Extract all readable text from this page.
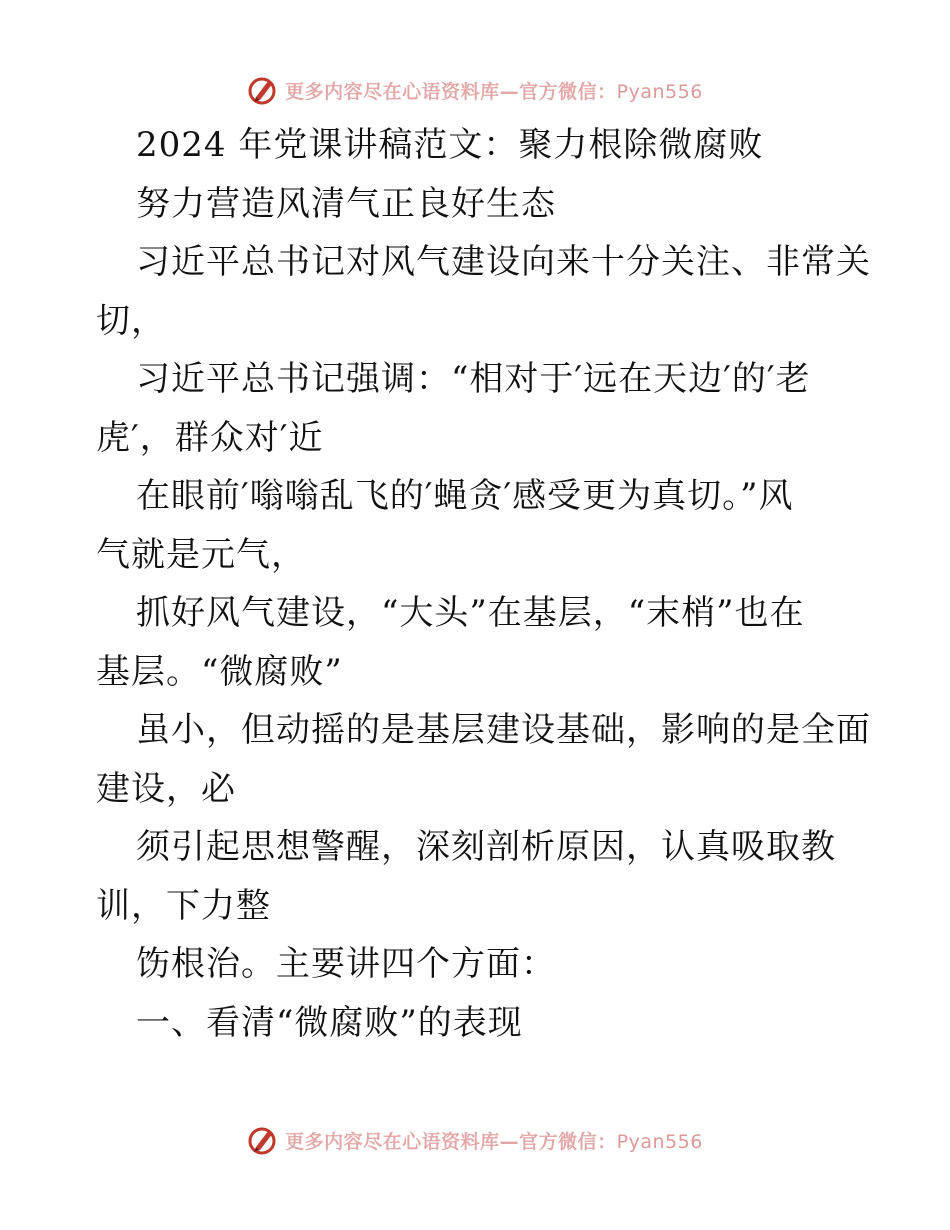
更多内容尽在心语资料库—官方微信：Pyan556
2024 年党课讲稿范文：聚力根除微腐败
努力营造风清气正良好生态
习近平总书记对风气建设向来十分关注、非常关
切，
习近平总书记强调：“相对于′远在天边′的′老
虎′，群众对′近
在眼前′嗡嗡乱飞的′蝇贪′感受更为真切。”风
气就是元气，
抓好风气建设，“大头”在基层，“末梢”也在
基层。“微腐败”
虽小，但动摇的是基层建设基础，影响的是全面
建设，必
须引起思想警醒，深刻剖析原因，认真吸取教
训，下力整
饬根治。主要讲四个方面：
一、看清“微腐败”的表现
更多内容尽在心语资料库—官方微信：Pyan556
